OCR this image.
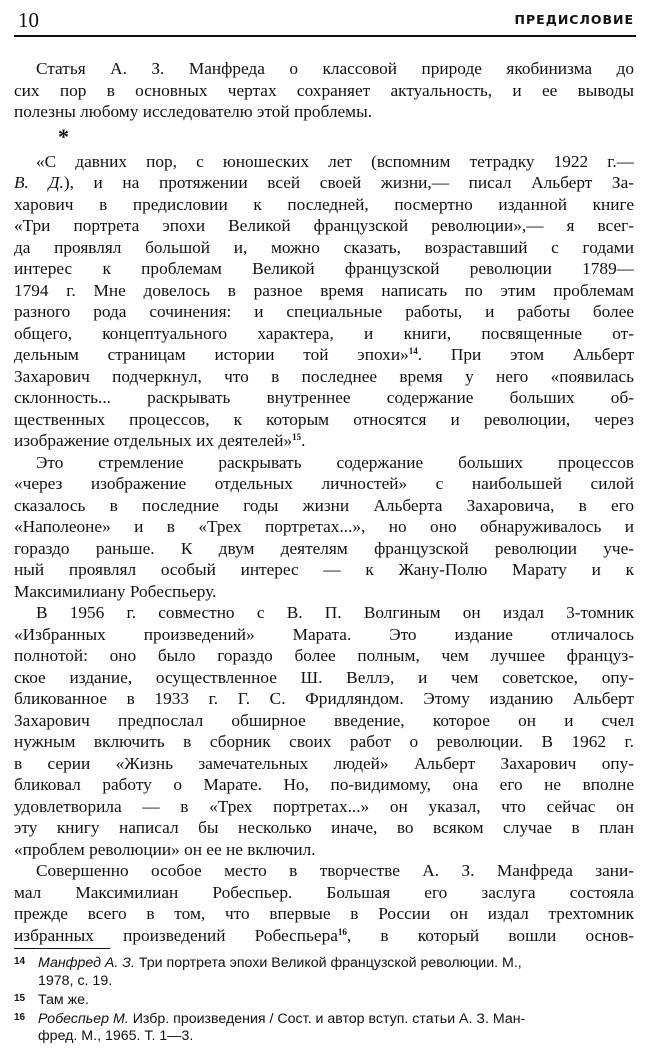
10	ПРЕДИСЛОВИЕ
Статья А. З. Манфреда о классовой природе якобинизма до
сих пор в основных чертах сохраняет актуальность, и ее выводы
полезны любому исследователю этой проблемы.
*
«С давних пор, с юношеских лет (вспомним тетрадку 1922 г.—
В. Д.), и на протяжении всей своей жизни,— писал Альберт За-
харович в предисловии к последней, посмертно изданной книге
«Три портрета эпохи Великой французской революции»,— я всег-
да проявлял большой и, можно сказать, возраставший с годами
интерес к проблемам Великой французской революции 1789—
1794 г. Мне довелось в разное время написать по этим проблемам
разного рода сочинения: и специальные работы, и работы более
общего, концептуального характера, и книги, посвященные от-
дельным страницам истории той эпохи»$^{14}$. При этом Альберт
Захарович подчеркнул, что в последнее время у него «появилась
склонность... раскрывать внутреннее содержание больших об-
щественных процессов, к которым относятся и революции, через
изображение отдельных их деятелей»$^{15}$.
Это стремление раскрывать содержание больших процессов
«через изображение отдельных личностей» с наибольшей силой
сказалось в последние годы жизни Альберта Захаровича, в его
«Наполеоне» и в «Трех портретах...», но оно обнаруживалось и
гораздо раньше. К двум деятелям французской революции уче-
ный проявлял особый интерес — к Жану-Полю Марату и к
Максимилиану Робеспьеру.
В 1956 г. совместно с В. П. Волгиным он издал 3-томник
«Избранных произведений» Марата. Это издание отличалось
полнотой: оно было гораздо более полным, чем лучшее француз-
ское издание, осуществленное Ш. Веллэ, и чем советское, опу-
бликованное в 1933 г. Г. С. Фридляндом. Этому изданию Альберт
Захарович предпослал обширное введение, которое он и счел
нужным включить в сборник своих работ о революции. В 1962 г.
в серии «Жизнь замечательных людей» Альберт Захарович опу-
бликовал работу о Марате. Но, по-видимому, она его не вполне
удовлетворила — в «Трех портретах...» он указал, что сейчас он
эту книгу написал бы несколько иначе, во всяком случае в план
«проблем революции» он ее не включил.
Совершенно особое место в творчестве А. З. Манфреда зани-
мал Максимилиан Робеспьер. Большая его заслуга состояла
прежде всего в том, что впервые в России он издал трехтомник
избранных произведений Робеспьера$^{16}$, в который вошли основ-
14 Манфред А. З. Три портрета эпохи Великой французской революции. М.,
1978, с. 19.
15 Там же.
16 Робеспьер М. Избр. произведения / Сост. и автор вступ. статьи А. З. Ман-
фред. М., 1965. Т. 1—3.
